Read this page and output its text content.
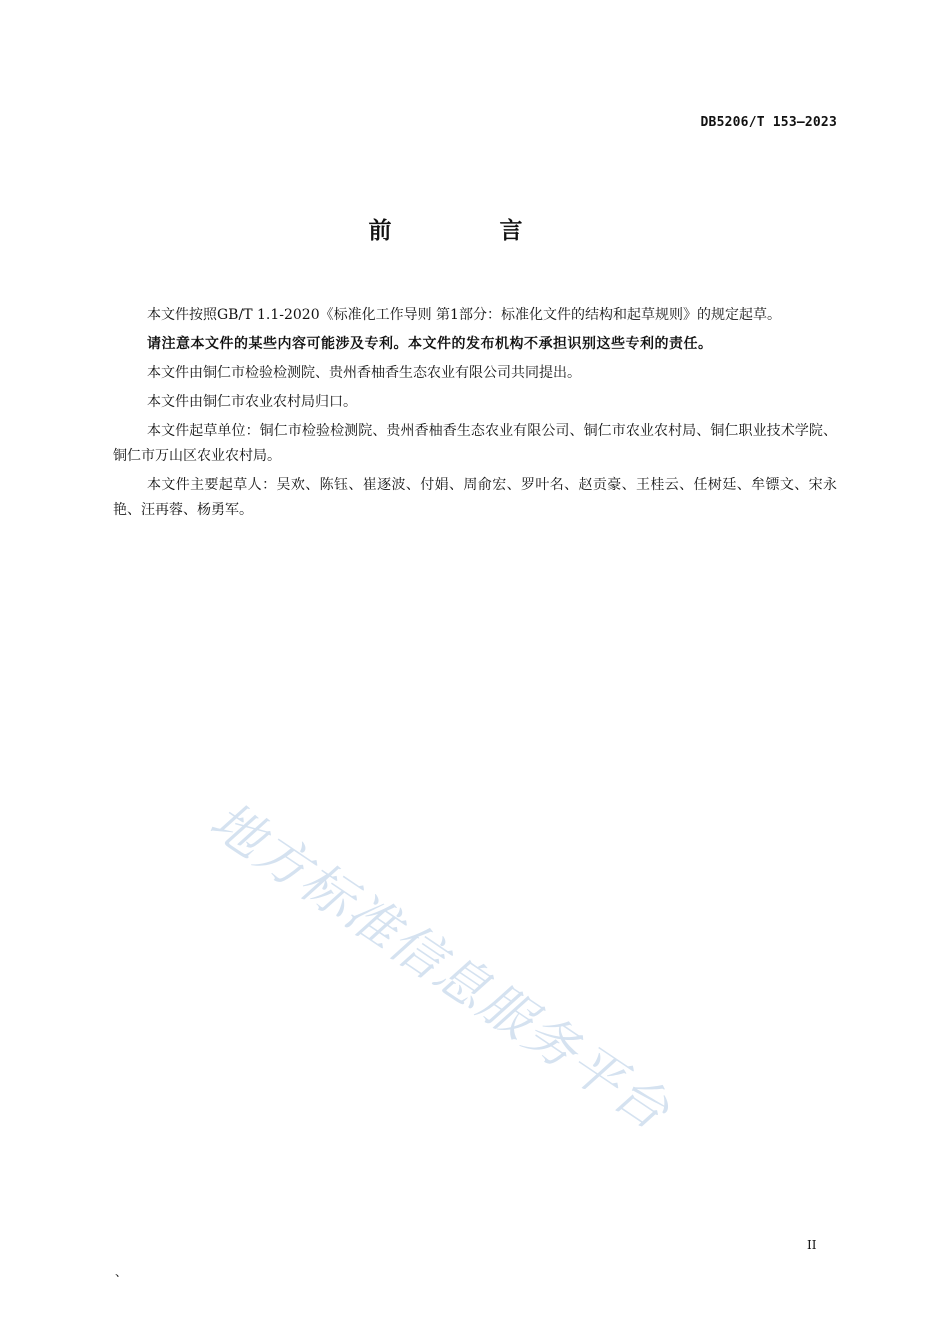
DB5206/T 153—2023
前 言

本文件按照GB/T 1.1-2020《标准化工作导则 第1部分：标准化文件的结构和起草规则》的规定起草。

请注意本文件的某些内容可能涉及专利。本文件的发布机构不承担识别这些专利的责任。

本文件由铜仁市检验检测院、贵州香柚香生态农业有限公司共同提出。

本文件由铜仁市农业农村局归口。

本文件起草单位：铜仁市检验检测院、贵州香柚香生态农业有限公司、铜仁市农业农村局、铜仁职业技术学院、铜仁市万山区农业农村局。

本文件主要起草人：吴欢、陈钰、崔逐波、付娟、周俞宏、罗叶名、赵贡豪、王桂云、任树廷、牟镖文、宋永艳、汪再蓉、杨勇军。

地方标准信息服务平台
II
、
